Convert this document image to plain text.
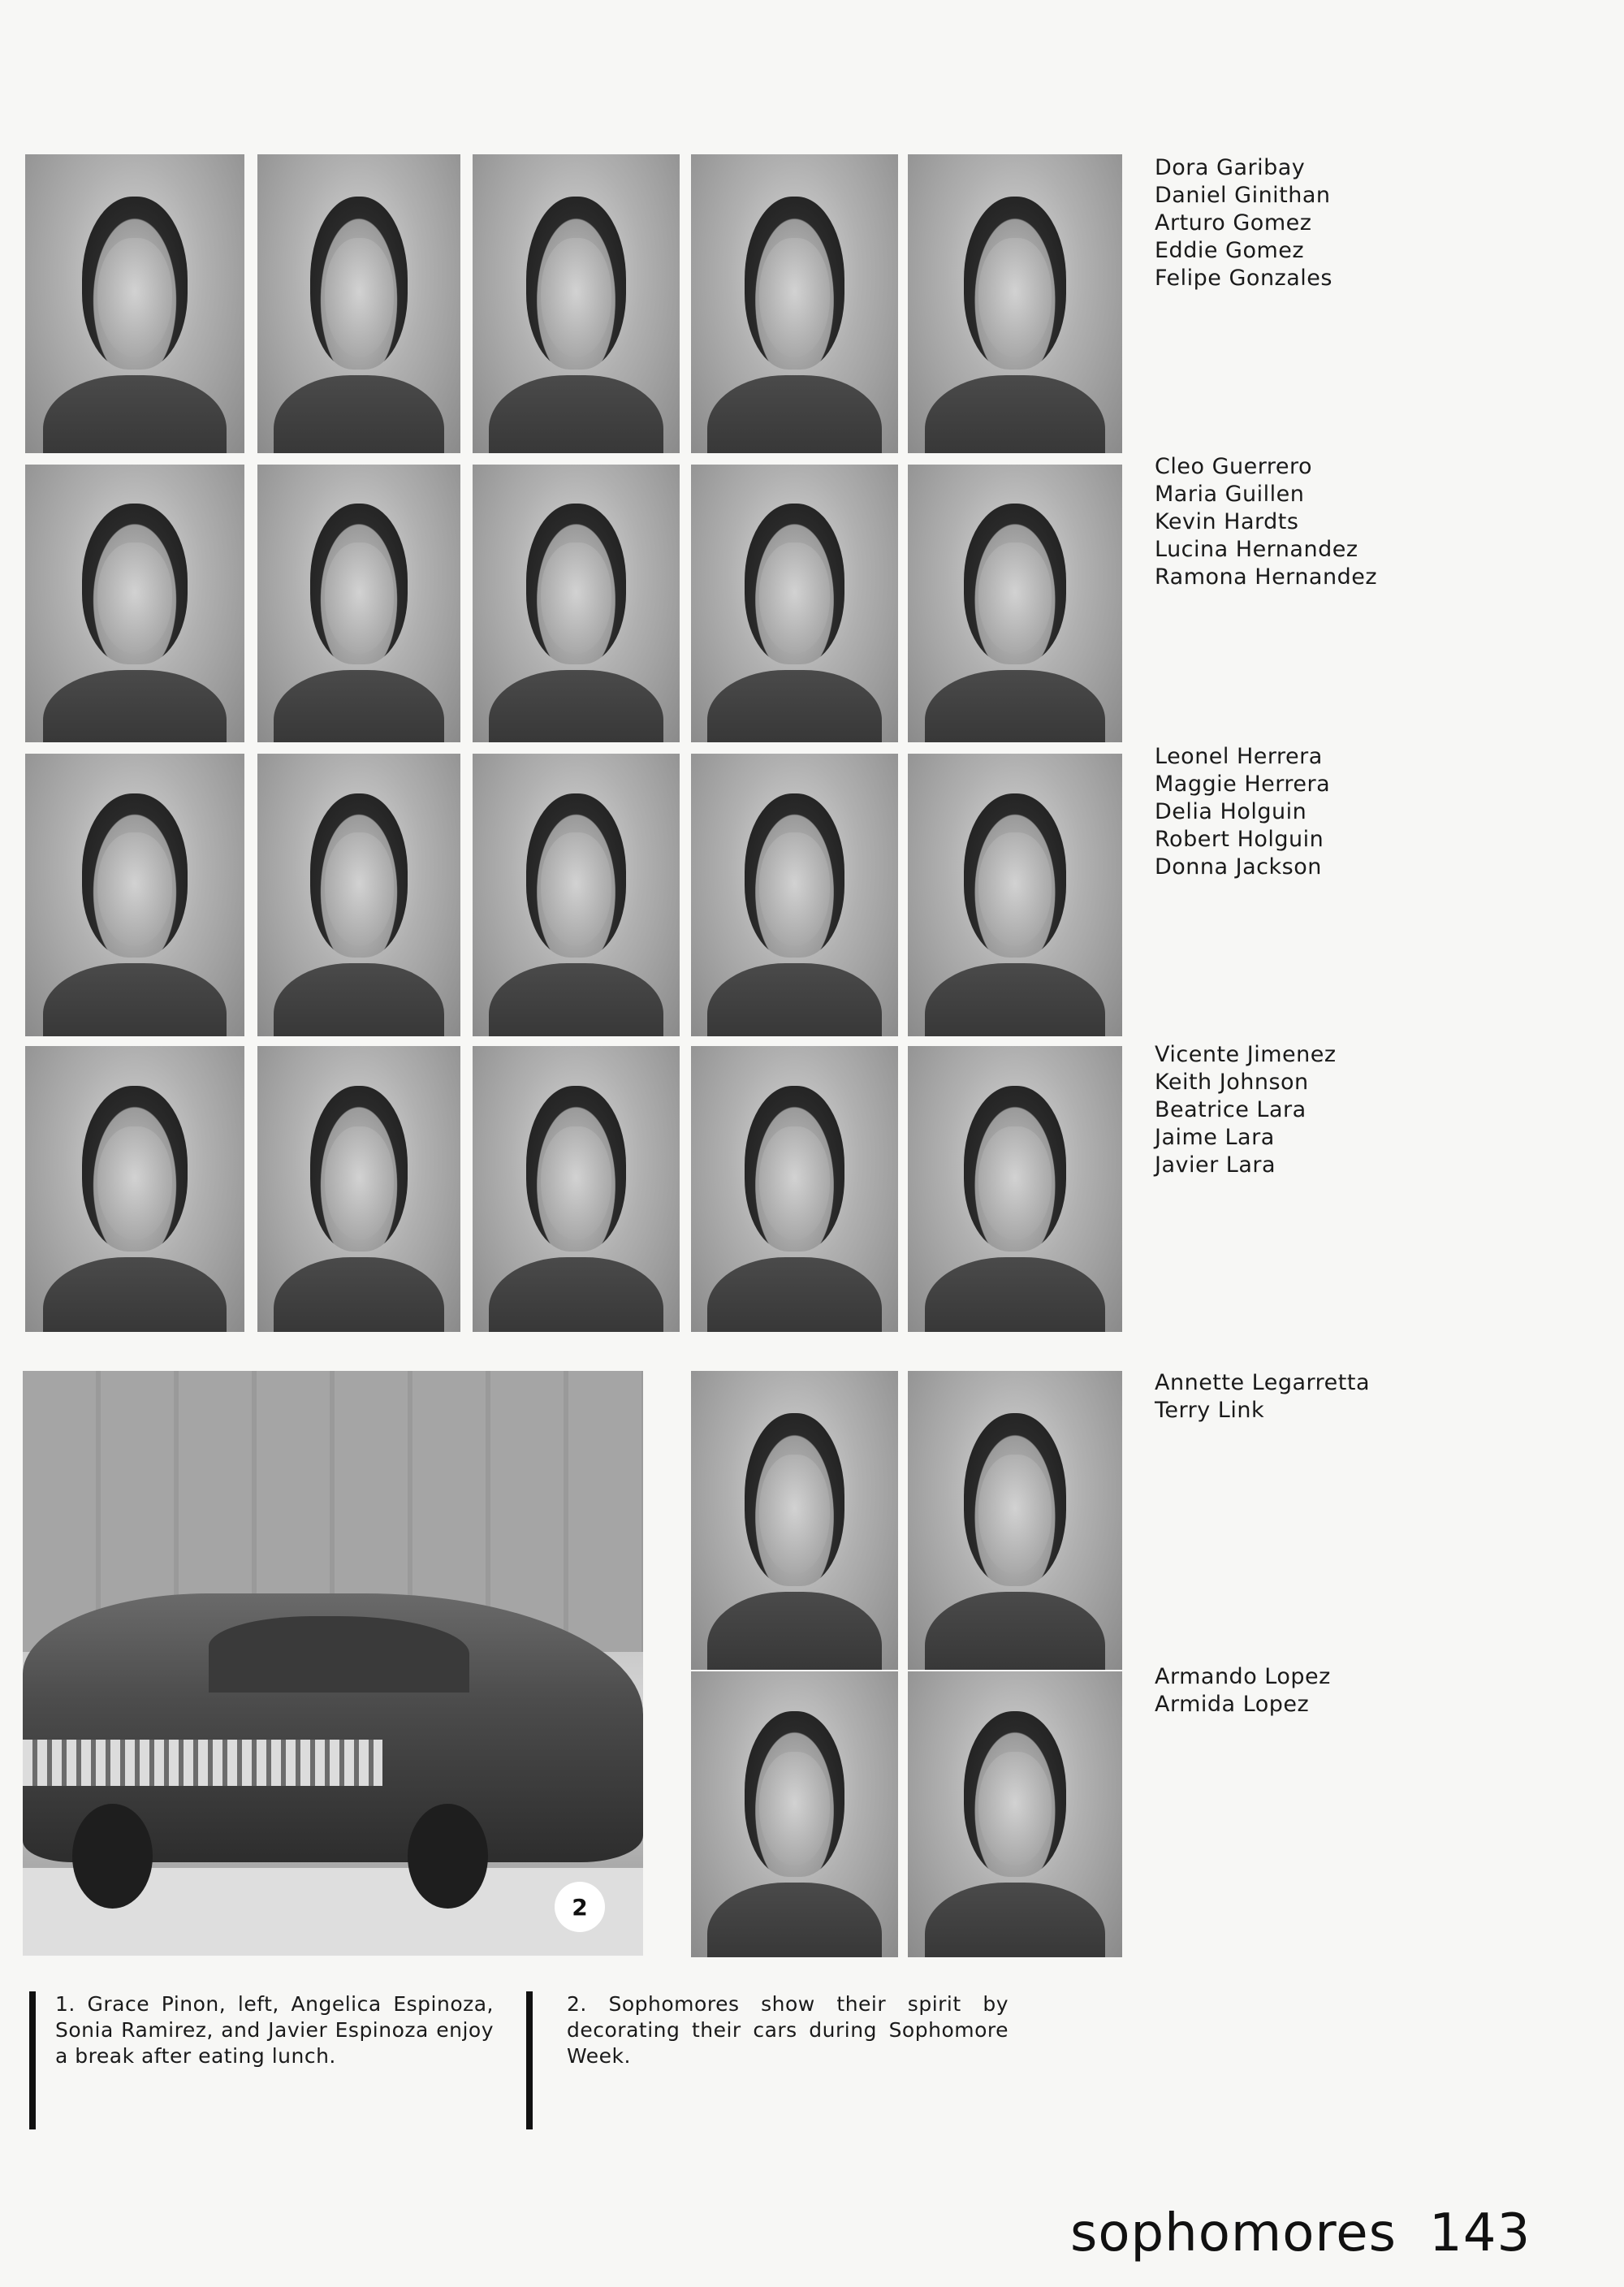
Dora Garibay
Daniel Ginithan
Arturo Gomez
Eddie Gomez
Felipe Gonzales
Cleo Guerrero
Maria Guillen
Kevin Hardts
Lucina Hernandez
Ramona Hernandez
Leonel Herrera
Maggie Herrera
Delia Holguin
Robert Holguin
Donna Jackson
Vicente Jimenez
Keith Johnson
Beatrice Lara
Jaime Lara
Javier Lara
Annette Legarretta
Terry Link
Armando Lopez
Armida Lopez
2
1. Grace Pinon, left, Angelica Espinoza, Sonia Ramirez, and Javier Espinoza enjoy a break after eating lunch.
2. Sophomores show their spirit by decorating their cars during Sophomore Week.
sophomores 143
